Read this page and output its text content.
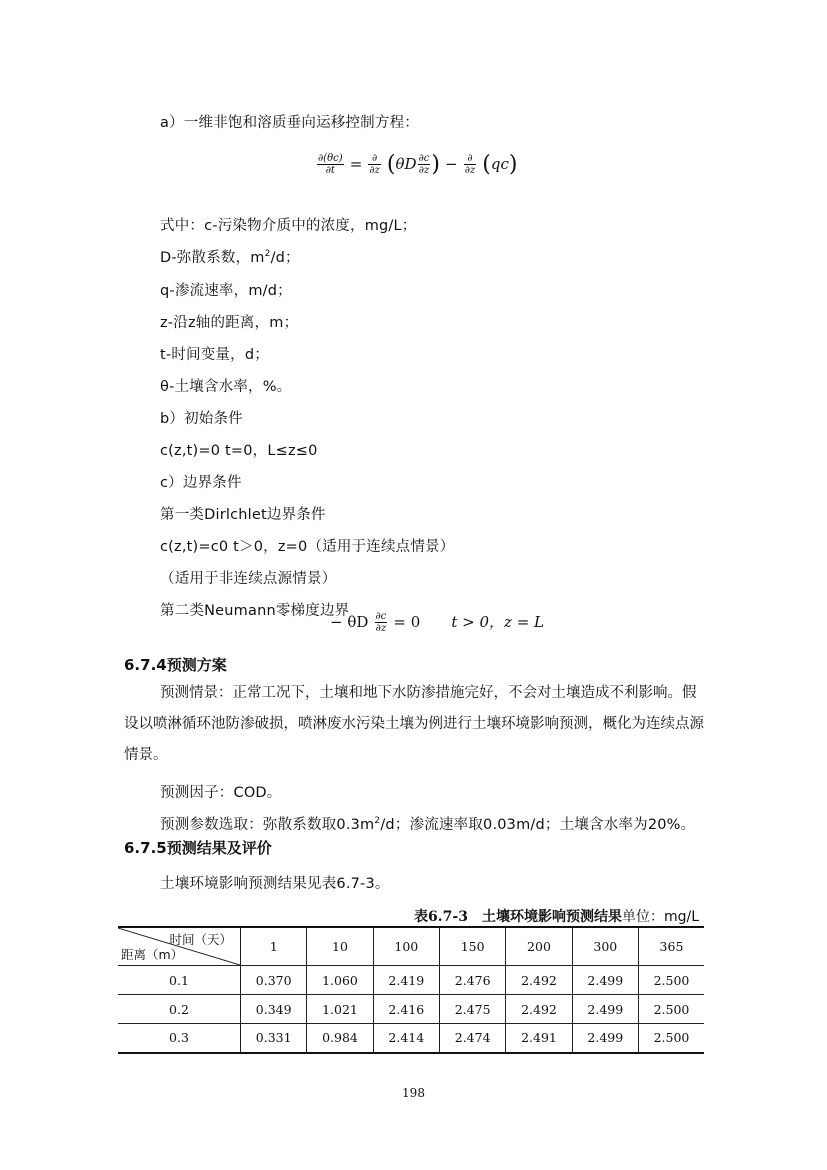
a）一维非饱和溶质垂向运移控制方程：
$\frac{\partial(\theta c)}{\partial t} = \frac{\partial}{\partial z} (\theta D \frac{\partial c}{\partial z}$ ) − $\frac{\partial}{\partial z} (qc)$
式中：c-污染物介质中的浓度，mg/L；
D-弥散系数，$m^2/d$；
q-渗流速率，m/d；
z-沿z轴的距离，m；
t-时间变量，d；
θ-土壤含水率，%。
b）初始条件
c(z,t)=0 t=0，L≤z≤0
c）边界条件
第一类Dirlchlet边界条件
c(z,t)=c0 t＞0，z=0（适用于连续点情景）
（适用于非连续点源情景）
第二类Neumann零梯度边界
− θD $\frac{\partial c}{\partial z} = 0$ t > 0，z = L
6.7.4预测方案
预测情景：正常工况下，土壤和地下水防渗措施完好，不会对土壤造成不利影响。假设以喷淋循环池防渗破损，喷淋废水污染土壤为例进行土壤环境影响预测，概化为连续点源情景。
预测因子：COD。
预测参数选取：弥散系数取$0.3m^2/d$；渗流速率取0.03m/d；土壤含水率为20%。
6.7.5预测结果及评价
土壤环境影响预测结果见表6.7-3。
表6.7-3　土壤环境影响预测结果单位：mg/L
时间（天）
距离（m）	1	10	100	150	200	300	365
0.1	0.370	1.060	2.419	2.476	2.492	2.499	2.500
0.2	0.349	1.021	2.416	2.475	2.492	2.499	2.500
0.3	0.331	0.984	2.414	2.474	2.491	2.499	2.500
198
